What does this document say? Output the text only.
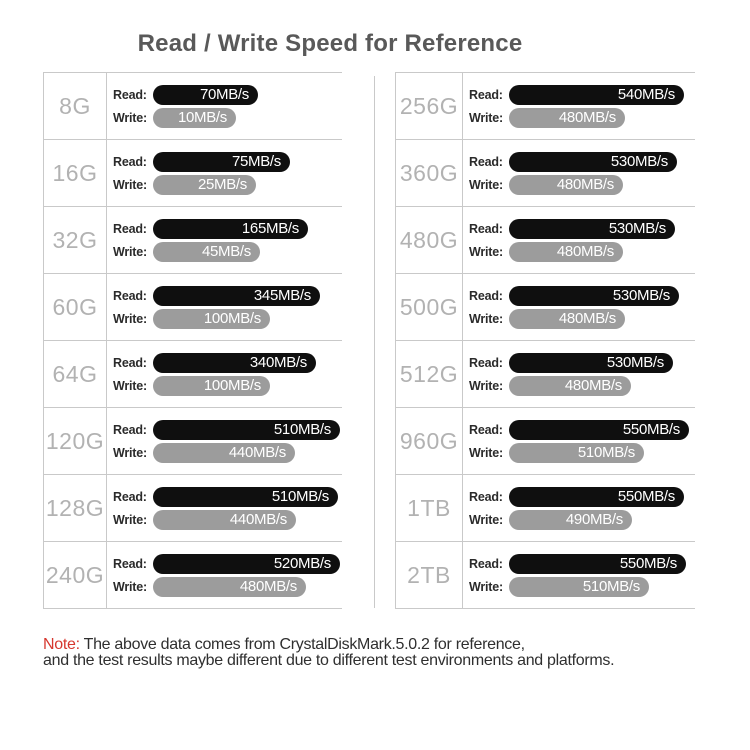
Read / Write Speed for Reference
8G	Read:	70MB/s
Write:	10MB/s
16G	Read:	75MB/s
Write:	25MB/s
32G	Read:	165MB/s
Write:	45MB/s
60G	Read:	345MB/s
Write:	100MB/s
64G	Read:	340MB/s
Write:	100MB/s
120G Read:	510MB/s
Write:	440MB/s
128G Read:	510MB/s
Write:	440MB/s
240G Read:	520MB/s
Write:	480MB/s
256G Read:	540MB/s
Write:	480MB/s
360G Read:	530MB/s
Write:	480MB/s
480G Read:	530MB/s
Write:	480MB/s
500G Read:	530MB/s
Write:	480MB/s
512G Read:	530MB/s
Write:	480MB/s
960G Read:	550MB/s
Write:	510MB/s
1TB	Read:	550MB/s
Write:	490MB/s
2TB	Read:	550MB/s
Write:	510MB/s
Note: The above data comes from CrystalDiskMark.5.0.2 for reference,
and the test results maybe different due to different test environments and platforms.
